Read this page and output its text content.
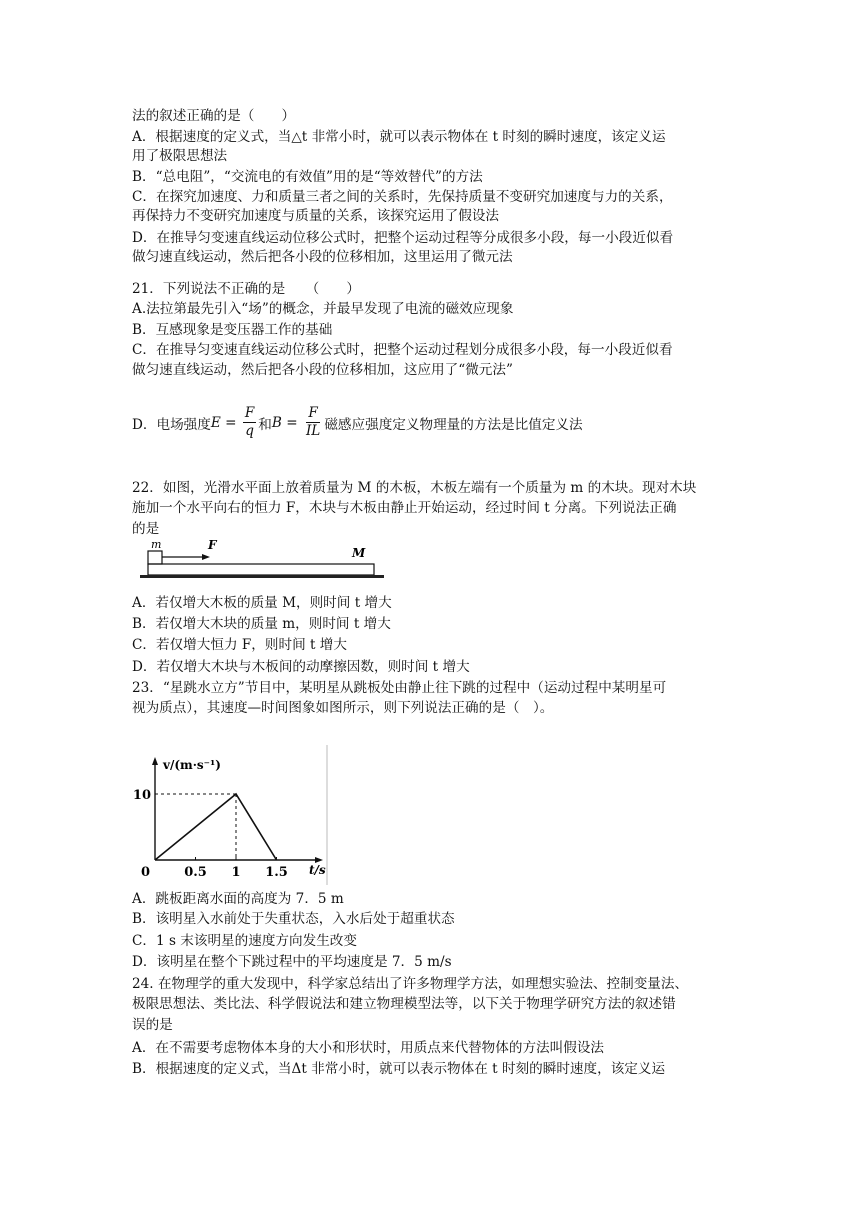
法的叙述正确的是（　　）
A．根据速度的定义式，当△t 非常小时，就可以表示物体在 t 时刻的瞬时速度，该定义运
用了极限思想法
B．“总电阻”，“交流电的有效值”用的是“等效替代”的方法
C．在探究加速度、力和质量三者之间的关系时，先保持质量不变研究加速度与力的关系，
再保持力不变研究加速度与质量的关系，该探究运用了假设法
D．在推导匀变速直线运动位移公式时，把整个运动过程等分成很多小段，每一小段近似看
做匀速直线运动，然后把各小段的位移相加，这里运用了微元法
21．下列说法不正确的是　　（　　）
A.法拉第最先引入“场”的概念，并最早发现了电流的磁效应现象
B．互感现象是变压器工作的基础
C．在推导匀变速直线运动位移公式时，把整个运动过程划分成很多小段，每一小段近似看
做匀速直线运动，然后把各小段的位移相加，这应用了“微元法”
22．如图，光滑水平面上放着质量为 M 的木板，木板左端有一个质量为 m 的木块。现对木块
施加一个水平向右的恒力 F，木块与木板由静止开始运动，经过时间 t 分离。下列说法正确
的是
A．若仅增大木板的质量 M，则时间 t 增大
B．若仅增大木块的质量 m，则时间 t 增大
C．若仅增大恒力 F，则时间 t 增大
D．若仅增大木块与木板间的动摩擦因数，则时间 t 增大
23．“星跳水立方”节目中，某明星从跳板处由静止往下跳的过程中（运动过程中某明星可
视为质点），其速度—时间图象如图所示，则下列说法正确的是（　）。
A．跳板距离水面的高度为 7．5 m
B．该明星入水前处于失重状态，入水后处于超重状态
C．1 s 末该明星的速度方向发生改变
D．该明星在整个下跳过程中的平均速度是 7．5 m/s
24. 在物理学的重大发现中，科学家总结出了许多物理学方法，如理想实验法、控制变量法、
极限思想法、类比法、科学假说法和建立物理模型法等，以下关于物理学研究方法的叙述错
误的是
A．在不需要考虑物体本身的大小和形状时，用质点来代替物体的方法叫假设法
B．根据速度的定义式，当Δt 非常小时，就可以表示物体在 t 时刻的瞬时速度，该定义运
D．电场强度 $E = \frac{F}{q}$ 和 $B = \frac{F}{IL}$ 磁感应强度定义物理量的方法是比值定义法
m	F
M
v/(m·s⁻¹)
t/s
10
0	0.5 1 1.5
